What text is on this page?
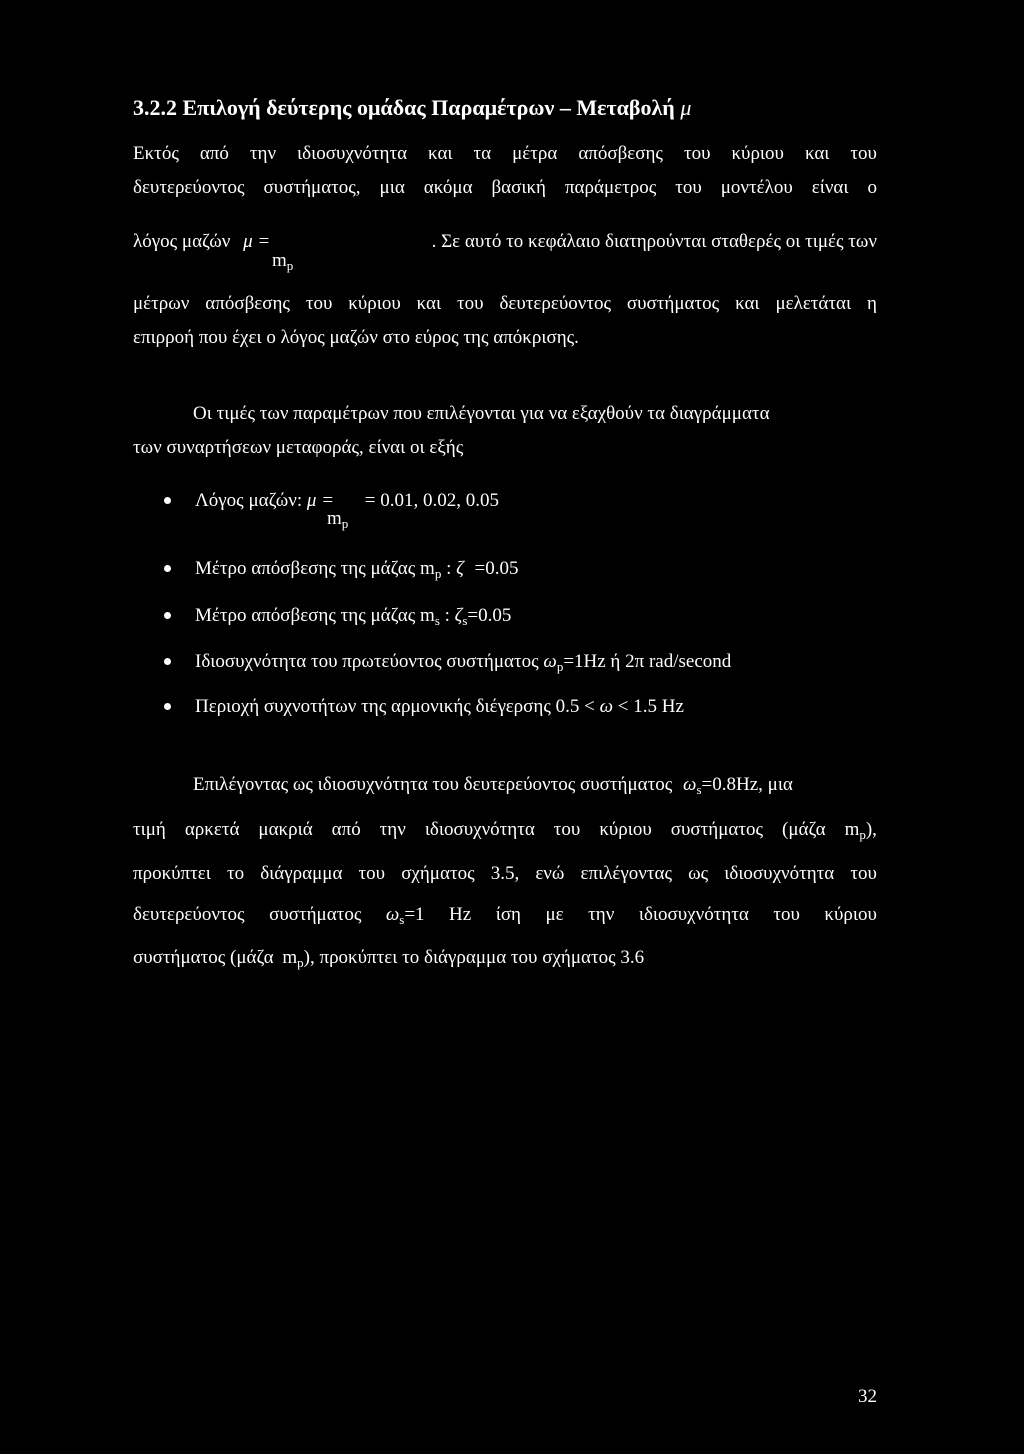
3.2.2 Επιλογή δεύτερης ομάδας Παραμέτρων – Μεταβολή μ
Εκτός από την ιδιοσυχνότητα και τα μέτρα απόσβεσης του κύριου και του
δευτερεύοντος συστήματος, μια ακόμα βασική παράμετρος του μοντέλου είναι ο
λόγος μαζών μ =	. Σε αυτό το κεφάλαιο διατηρούνται σταθερές οι τιμές των
$m_p$
μέτρων απόσβεσης του κύριου και του δευτερεύοντος συστήματος και μελετάται η
επιρροή που έχει ο λόγος μαζών στο εύρος της απόκρισης.
Οι τιμές των παραμέτρων που επιλέγονται για να εξαχθούν τα διαγράμματα
των συναρτήσεων μεταφοράς, είναι οι εξής
Λόγος μαζών: μ = = 0.01, 0.02, 0.05
$m_p$
Μέτρο απόσβεσης της μάζας $m_p$ : ζ =0.05
Μέτρο απόσβεσης της μάζας $m_s$ : $\zeta_s=0.05$
Ιδιοσυχνότητα του πρωτεύοντος συστήματος $\omega_p=1Hz$ ή 2π rad/second
Περιοχή συχνοτήτων της αρμονικής διέγερσης 0.5 < ω < 1.5 Hz
Επιλέγοντας ως ιδιοσυχνότητα του δευτερεύοντος συστήματος $\omega_s=0.8Hz$, μια
τιμή αρκετά μακριά από την ιδιοσυχνότητα του κύριου συστήματος (μάζα $m_p$),
προκύπτει το διάγραμμα του σχήματος 3.5, ενώ επιλέγοντας ως ιδιοσυχνότητα του
δευτερεύοντος συστήματος $\omega_s=1$ Hz ίση με την ιδιοσυχνότητα του κύριου
συστήματος (μάζα $m_p$), προκύπτει το διάγραμμα του σχήματος 3.6
32
